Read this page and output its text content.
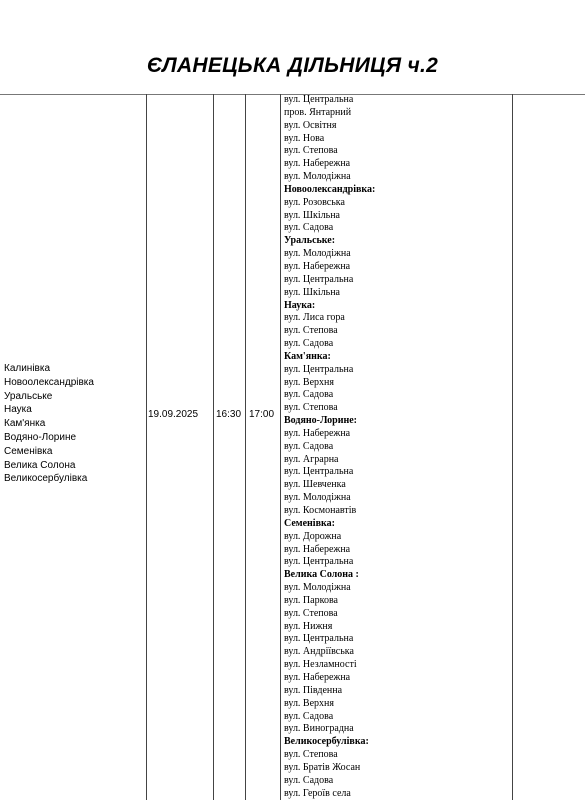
ЄЛАНЕЦЬКА ДІЛЬНИЦЯ ч.2
Калинівка
Новоолександрівка
Уральське
Наука
Кам'янка
Водяно-Лорине
Семенівка
Велика Солона
Великосербулівка
19.09.2025 16:30 17:00
вул. Центральна
пров. Янтарний
вул. Освітня
вул. Нова
вул. Степова
вул. Набережна
вул. Молодіжна
Новоолександрівка:
вул. Розовська
вул. Шкільна
вул. Садова
Уральське:
вул. Молодіжна
вул. Набережна
вул. Центральна
вул. Шкільна
Наука:
вул. Лиса гора
вул. Степова
вул. Садова
Кам'янка:
вул. Центральна
вул. Верхня
вул. Садова
вул. Степова
Водяно-Лорине:
вул. Набережна
вул. Садова
вул. Аграрна
вул. Центральна
вул. Шевченка
вул. Молодіжна
вул. Космонавтів
Семенівка:
вул. Дорожна
вул. Набережна
вул. Центральна
Велика Солона :
вул. Молодіжна
вул. Паркова
вул. Степова
вул. Нижня
вул. Центральна
вул. Андріївська
вул. Незламності
вул. Набережна
вул. Південна
вул. Верхня
вул. Садова
вул. Виноградна
Великосербулівка:
вул. Степова
вул. Братів Жосан
вул. Садова
вул. Героїв села
